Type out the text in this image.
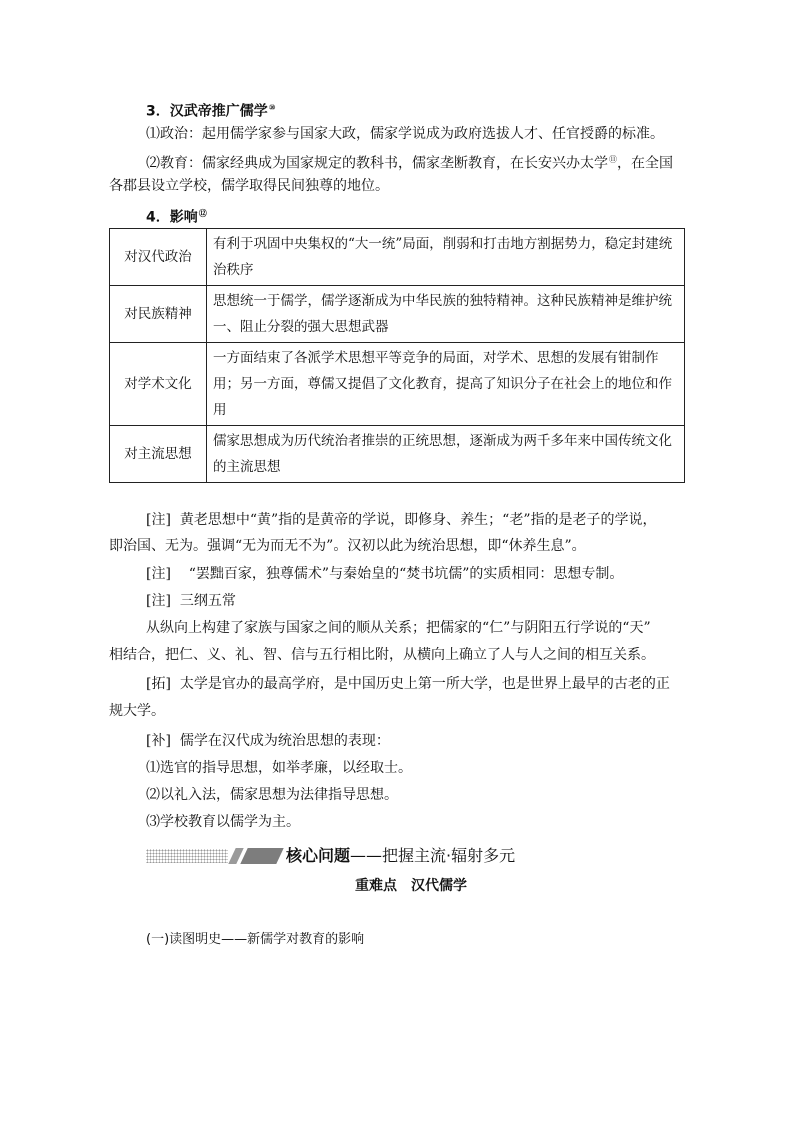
3．汉武帝推广儒学⑩
⑴政治：起用儒学家参与国家大政，儒家学说成为政府选拔人才、任官授爵的标准。
⑵教育：儒家经典成为国家规定的教科书，儒家垄断教育，在长安兴办太学⑪，在全国
各郡县设立学校，儒学取得民间独尊的地位。
4．影响⑫
对汉代政治	有利于巩固中央集权的“大一统”局面，削弱和打击地方割据势力，稳定封建统治秩序
对民族精神	思想统一于儒学，儒学逐渐成为中华民族的独特精神。这种民族精神是维护统一、阻止分裂的强大思想武器
对学术文化	一方面结束了各派学术思想平等竞争的局面，对学术、思想的发展有钳制作用；另一方面，尊儒又提倡了文化教育，提高了知识分子在社会上的地位和作用
对主流思想	儒家思想成为历代统治者推崇的正统思想，逐渐成为两千多年来中国传统文化的主流思想
[注] 黄老思想中“黄”指的是黄帝的学说，即修身、养生；“老”指的是老子的学说，
即治国、无为。强调“无为而无不为”。汉初以此为统治思想，即“休养生息”。
[注] “罢黜百家，独尊儒术”与秦始皇的“焚书坑儒”的实质相同：思想专制。
[注] 三纲五常
从纵向上构建了家族与国家之间的顺从关系；把儒家的“仁”与阴阳五行学说的“天”
相结合，把仁、义、礼、智、信与五行相比附，从横向上确立了人与人之间的相互关系。
[拓] 太学是官办的最高学府，是中国历史上第一所大学，也是世界上最早的古老的正
规大学。
[补] 儒学在汉代成为统治思想的表现：
⑴选官的指导思想，如举孝廉，以经取士。
⑵以礼入法，儒家思想为法律指导思想。
⑶学校教育以儒学为主。
核心问题——把握主流·辐射多元
重难点　汉代儒学
(一)读图明史——新儒学对教育的影响
